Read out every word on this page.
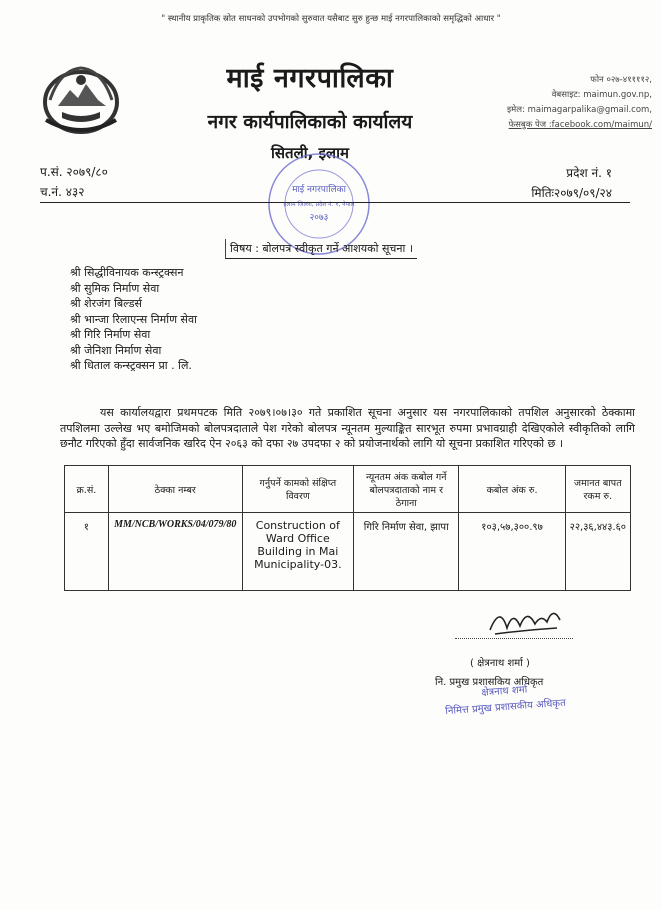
" स्थानीय प्राकृतिक स्रोत साधनको उपभोगको सुरुवात यसैबाट सुरु हुन्छ माई नगरपालिकाको समृद्धिको आधार "
माई नगरपालिका
नगर कार्यपालिकाको कार्यालय
सितली, इलाम
फोन ०२७-४११११२,
वेबसाइट: maimun.gov.np,
इमेल: maimagarpalika@gmail.com,
फेसबुक पेज :facebook.com/maimun/
प.सं. २०७९/८०
च.नं. ४३२
प्रदेश नं. १
मितिः२०७९/०९/२४
माई नगरपालिका
इलाम जिल्ला, प्रदेश नं. १, नेपाल
२०७३
विषय : बोलपत्र स्वीकृत गर्ने आशयको सूचना ।
श्री सिद्धीविनायक कन्स्ट्रक्सन
श्री सुमिक निर्माण सेवा
श्री शेरजंग बिल्डर्स
श्री भान्जा रिलाएन्स निर्माण सेवा
श्री गिरि निर्माण सेवा
श्री जेनिशा निर्माण सेवा
श्री धिताल कन्स्ट्रक्सन प्रा . लि.
यस कार्यालयद्वारा प्रथमपटक मिति २०७९।०७।३० गते प्रकाशित सूचना अनुसार यस नगरपालिकाको तपशिल अनुसारको ठेक्कामा तपशिलमा उल्लेख भए बमोजिमको बोलपत्रदाताले पेश गरेको बोलपत्र न्यूनतम मुल्याङ्कित सारभूत रुपमा प्रभावग्राही देखिएकोले स्वीकृतिको लागि छनौट गरिएको हुँदा सार्वजनिक खरिद ऐन २०६३ को दफा २७ उपदफा २ को प्रयोजनार्थको लागि यो सूचना प्रकाशित गरिएको छ ।
क्र.सं.	ठेक्का नम्बर	गर्नुपर्ने कामको संक्षिप्त विवरण	न्यूनतम अंक कबोल गर्ने बोलपत्रदाताको नाम र ठेगाना	कबोल अंक रु.	जमानत बापत रकम रु.
१	MM/NCB/WORKS/04/079/80	Construction of Ward Office Building in Mai Municipality-03.	गिरि निर्माण सेवा, झापा	१०३,५७,३००.९७	२२,३६,४४३.६०
( क्षेत्रनाथ शर्मा )
नि. प्रमुख प्रशासकिय अधिकृत
क्षेत्रनाथ शर्मा
निमित्त प्रमुख प्रशासकीय अधिकृत
